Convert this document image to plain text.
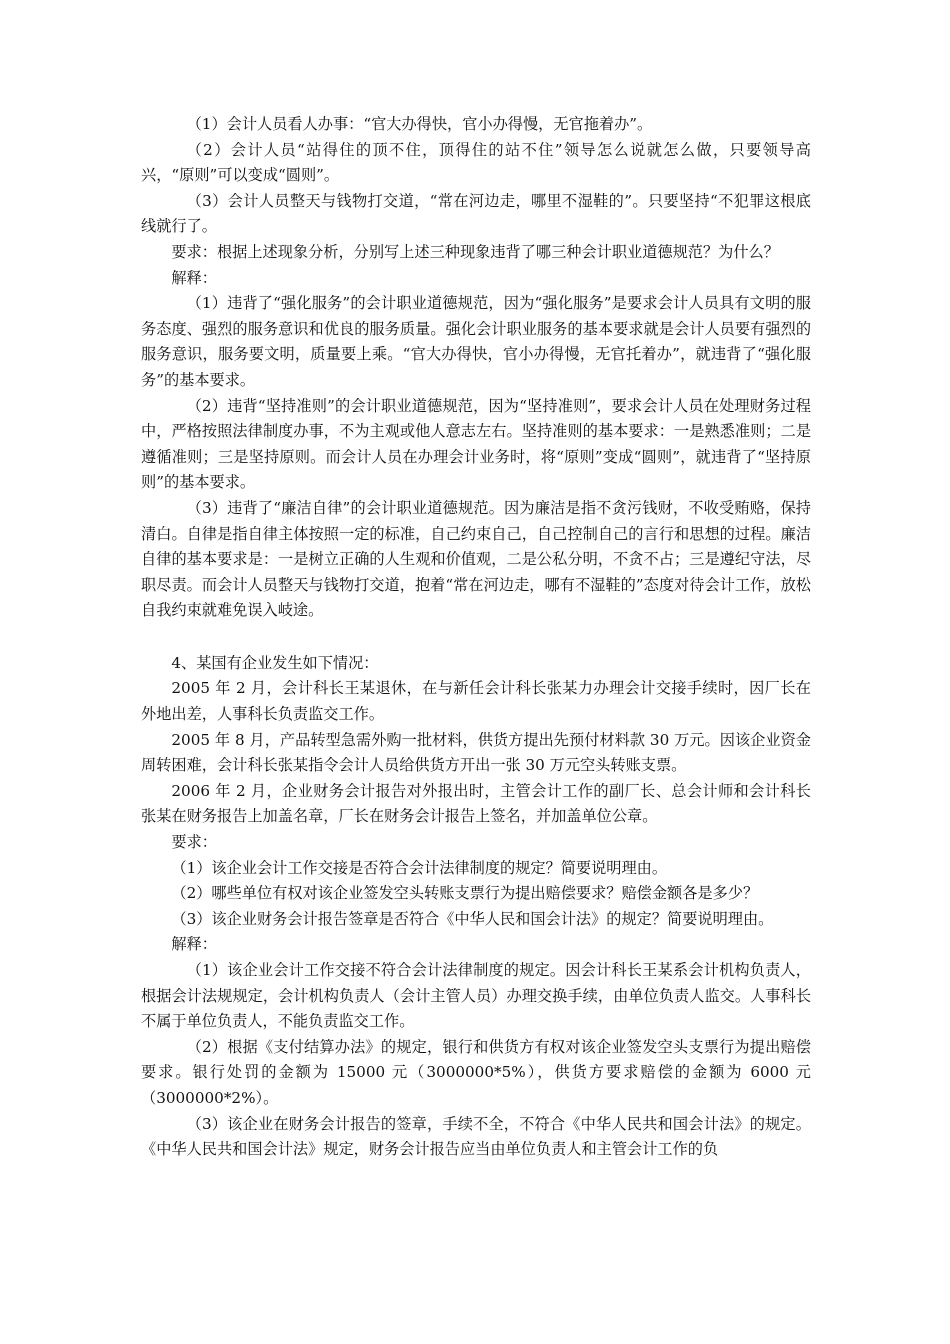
（1）会计人员看人办事：“官大办得快，官小办得慢，无官拖着办”。

（2）会计人员“站得住的顶不住，顶得住的站不住”领导怎么说就怎么做，只要领导高兴，“原则”可以变成“圆则”。

（3）会计人员整天与钱物打交道，“常在河边走，哪里不湿鞋的”。只要坚持“不犯罪这根底线就行了。

要求：根据上述现象分析，分别写上述三种现象违背了哪三种会计职业道德规范？为什么？

解释：

（1）违背了“强化服务”的会计职业道德规范，因为“强化服务”是要求会计人员具有文明的服务态度、强烈的服务意识和优良的服务质量。强化会计职业服务的基本要求就是会计人员要有强烈的服务意识，服务要文明，质量要上乘。“官大办得快，官小办得慢，无官托着办”，就违背了“强化服务”的基本要求。

（2）违背“坚持准则”的会计职业道德规范，因为“坚持准则”，要求会计人员在处理财务过程中，严格按照法律制度办事，不为主观或他人意志左右。坚持准则的基本要求：一是熟悉准则；二是遵循准则；三是坚持原则。而会计人员在办理会计业务时，将“原则”变成“圆则”，就违背了“坚持原则”的基本要求。

（3）违背了“廉洁自律”的会计职业道德规范。因为廉洁是指不贪污钱财，不收受贿赂，保持清白。自律是指自律主体按照一定的标准，自己约束自己，自己控制自己的言行和思想的过程。廉洁自律的基本要求是：一是树立正确的人生观和价值观，二是公私分明，不贪不占；三是遵纪守法，尽职尽责。而会计人员整天与钱物打交道，抱着“常在河边走，哪有不湿鞋的”态度对待会计工作，放松自我约束就难免误入岐途。

4、某国有企业发生如下情况：

2005 年 2 月，会计科长王某退休，在与新任会计科长张某力办理会计交接手续时，因厂长在外地出差，人事科长负责监交工作。

2005 年 8 月，产品转型急需外购一批材料，供货方提出先预付材料款 30 万元。因该企业资金周转困难，会计科长张某指令会计人员给供货方开出一张 30 万元空头转账支票。

2006 年 2 月，企业财务会计报告对外报出时，主管会计工作的副厂长、总会计师和会计科长张某在财务报告上加盖名章，厂长在财务会计报告上签名，并加盖单位公章。

要求：

（1）该企业会计工作交接是否符合会计法律制度的规定？简要说明理由。

（2）哪些单位有权对该企业签发空头转账支票行为提出赔偿要求？赔偿金额各是多少？

（3）该企业财务会计报告签章是否符合《中华人民和国会计法》的规定？简要说明理由。

解释：

（1）该企业会计工作交接不符合会计法律制度的规定。因会计科长王某系会计机构负责人，根据会计法规规定，会计机构负责人（会计主管人员）办理交换手续，由单位负责人监交。人事科长不属于单位负责人，不能负责监交工作。

（2）根据《支付结算办法》的规定，银行和供货方有权对该企业签发空头支票行为提出赔偿要求。银行处罚的金额为 15000 元（3000000*5%），供货方要求赔偿的金额为 6000 元（3000000*2%）。

（3）该企业在财务会计报告的签章，手续不全，不符合《中华人民共和国会计法》的规定。《中华人民共和国会计法》规定，财务会计报告应当由单位负责人和主管会计工作的负
